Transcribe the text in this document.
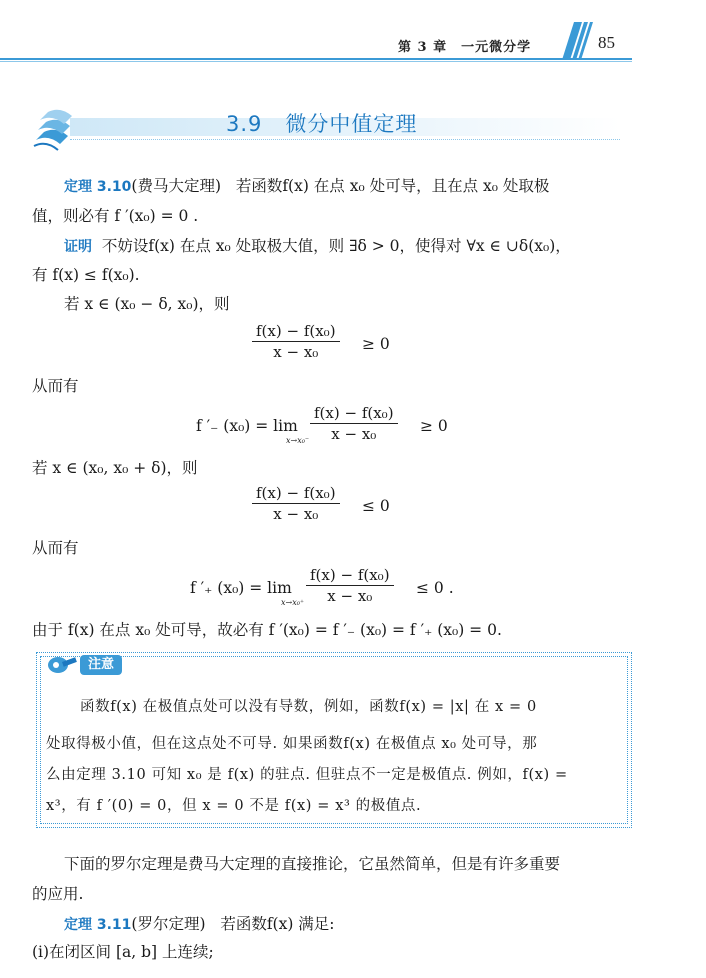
第 3 章　一元微分学	85
3.9 微分中值定理
定理 3.10(费马大定理) 若函数f(x) 在点 x₀ 处可导，且在点 x₀ 处取极
值，则必有 f ′(x₀) = 0 .
证明 不妨设f(x) 在点 x₀ 处取极大值，则 ∃δ > 0，使得对 ∀x ∈ ∪δ(x₀)，
有 f(x) ≤ f(x₀).
若 x ∈ (x₀ − δ, x₀)，则
f(x) − f(x₀)
x − x₀	≥ 0
从而有
f ′₋ (x₀) = lim
x→x₀⁻
f(x) − f(x₀)
x − x₀	≥ 0
若 x ∈ (x₀, x₀ + δ)，则
f(x) − f(x₀)
x − x₀	≤ 0
从而有
f ′₊ (x₀) = lim
x→x₀⁺
f(x) − f(x₀)
x − x₀	≤ 0 .
由于 f(x) 在点 x₀ 处可导，故必有 f ′(x₀) = f ′₋ (x₀) = f ′₊ (x₀) = 0.
注意
函数f(x) 在极值点处可以没有导数，例如，函数f(x) = |x| 在 x = 0
处取得极小值，但在这点处不可导. 如果函数f(x) 在极值点 x₀ 处可导，那
么由定理 3.10 可知 x₀ 是 f(x) 的驻点. 但驻点不一定是极值点. 例如，f(x) =
x³，有 f ′(0) = 0，但 x = 0 不是 f(x) = x³ 的极值点.
下面的罗尔定理是费马大定理的直接推论，它虽然简单，但是有许多重要
的应用.
定理 3.11(罗尔定理) 若函数f(x) 满足:
(i)在闭区间 [a, b] 上连续;
